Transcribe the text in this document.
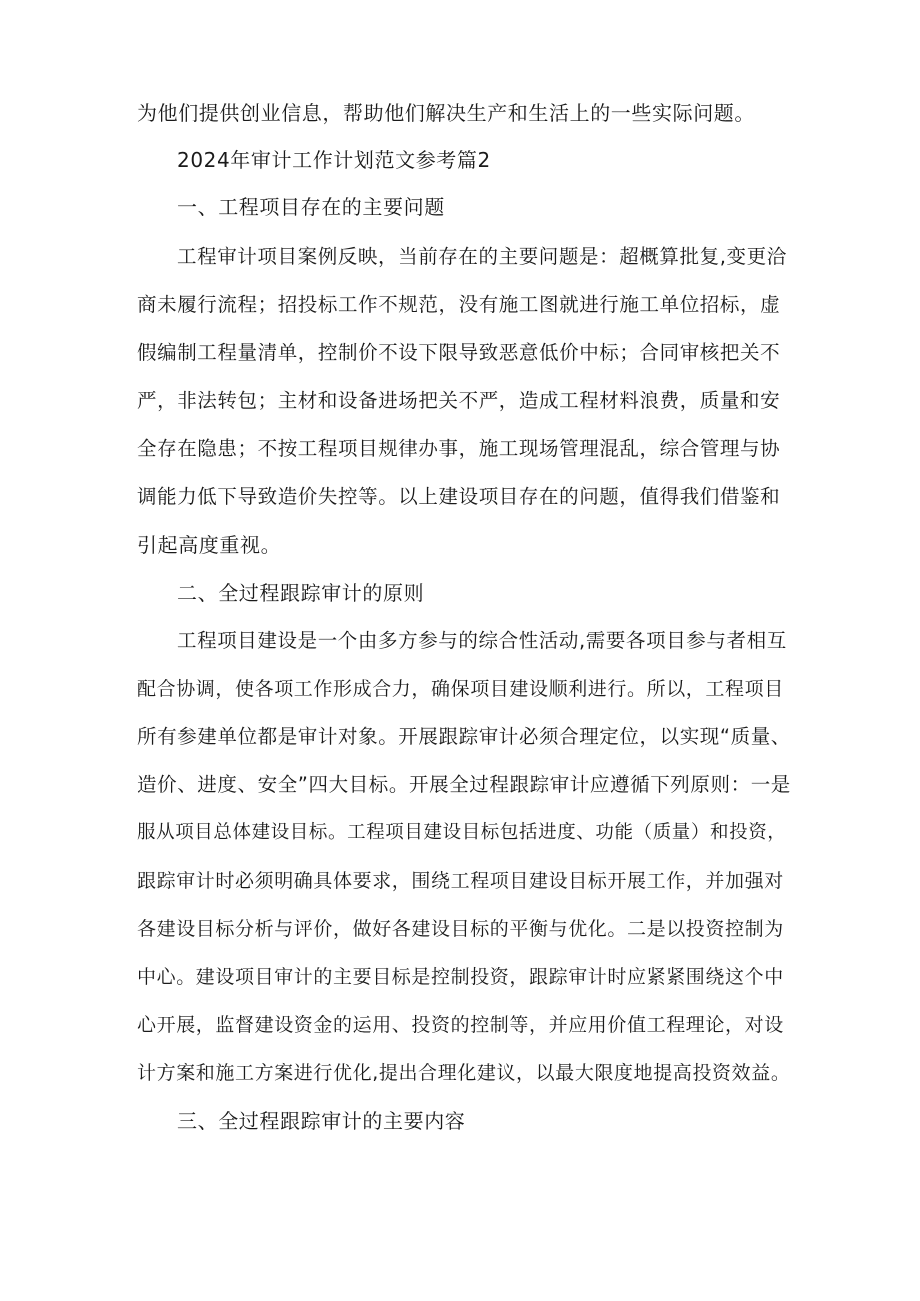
为他们提供创业信息，帮助他们解决生产和生活上的一些实际问题。
2024年审计工作计划范文参考篇2
一、工程项目存在的主要问题
工程审计项目案例反映，当前存在的主要问题是：超概算批复,变更洽
商未履行流程；招投标工作不规范，没有施工图就进行施工单位招标，虚
假编制工程量清单，控制价不设下限导致恶意低价中标；合同审核把关不
严，非法转包；主材和设备进场把关不严，造成工程材料浪费，质量和安
全存在隐患；不按工程项目规律办事，施工现场管理混乱，综合管理与协
调能力低下导致造价失控等。以上建设项目存在的问题，值得我们借鉴和
引起高度重视。
二、全过程跟踪审计的原则
工程项目建设是一个由多方参与的综合性活动,需要各项目参与者相互
配合协调，使各项工作形成合力，确保项目建设顺利进行。所以，工程项目
所有参建单位都是审计对象。开展跟踪审计必须合理定位，以实现“质量、
造价、进度、安全”四大目标。开展全过程跟踪审计应遵循下列原则：一是
服从项目总体建设目标。工程项目建设目标包括进度、功能（质量）和投资，
跟踪审计时必须明确具体要求，围绕工程项目建设目标开展工作，并加强对
各建设目标分析与评价，做好各建设目标的平衡与优化。二是以投资控制为
中心。建设项目审计的主要目标是控制投资，跟踪审计时应紧紧围绕这个中
心开展，监督建设资金的运用、投资的控制等，并应用价值工程理论，对设
计方案和施工方案进行优化,提出合理化建议，以最大限度地提高投资效益。
三、全过程跟踪审计的主要内容
